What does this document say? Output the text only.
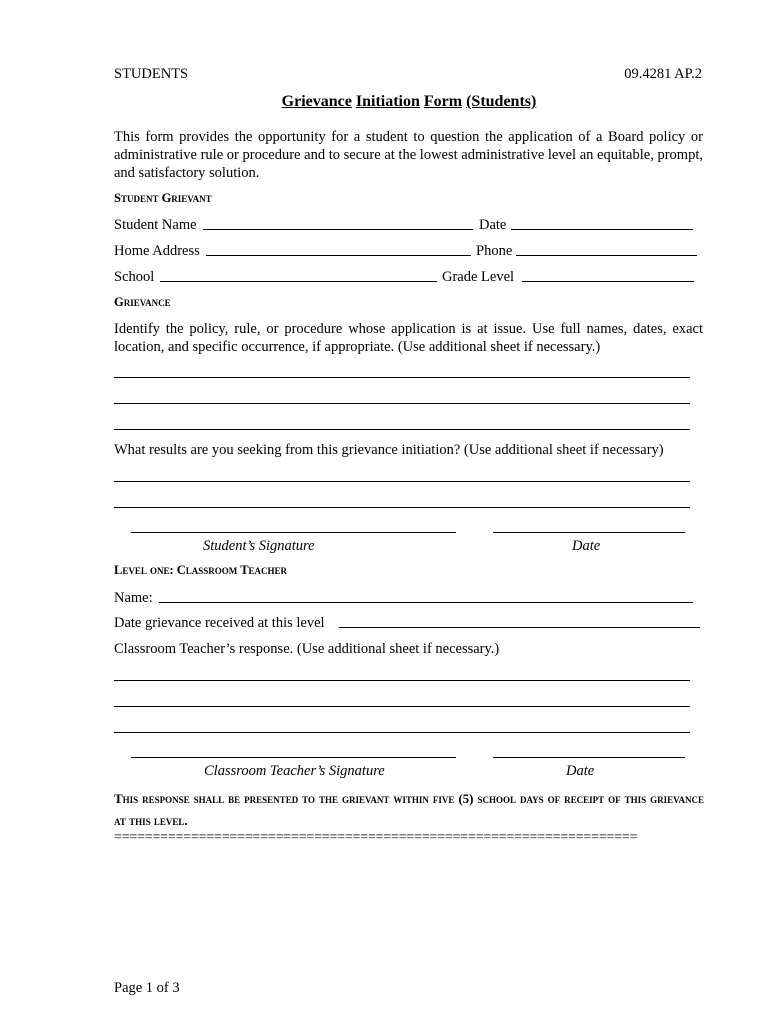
STUDENTS	09.4281 AP.2
Grievance Initiation Form (Students)
This form provides the opportunity for a student to question the application of a Board policy or administrative rule or procedure and to secure at the lowest administrative level an equitable, prompt, and satisfactory solution.
Student Grievant
Student Name	Date
Home Address	Phone
School	Grade Level
Grievance
Identify the policy, rule, or procedure whose application is at issue. Use full names, dates, exact location, and specific occurrence, if appropriate. (Use additional sheet if necessary.)
What results are you seeking from this grievance initiation? (Use additional sheet if necessary)
Student’s Signature	Date
Level one: Classroom Teacher
Name:
Date grievance received at this level
Classroom Teacher’s response. (Use additional sheet if necessary.)
Classroom Teacher’s Signature	Date
This response shall be presented to the grievant within five (5) school days of receipt of this grievance at this level.
====================================================================
Page 1 of 3
